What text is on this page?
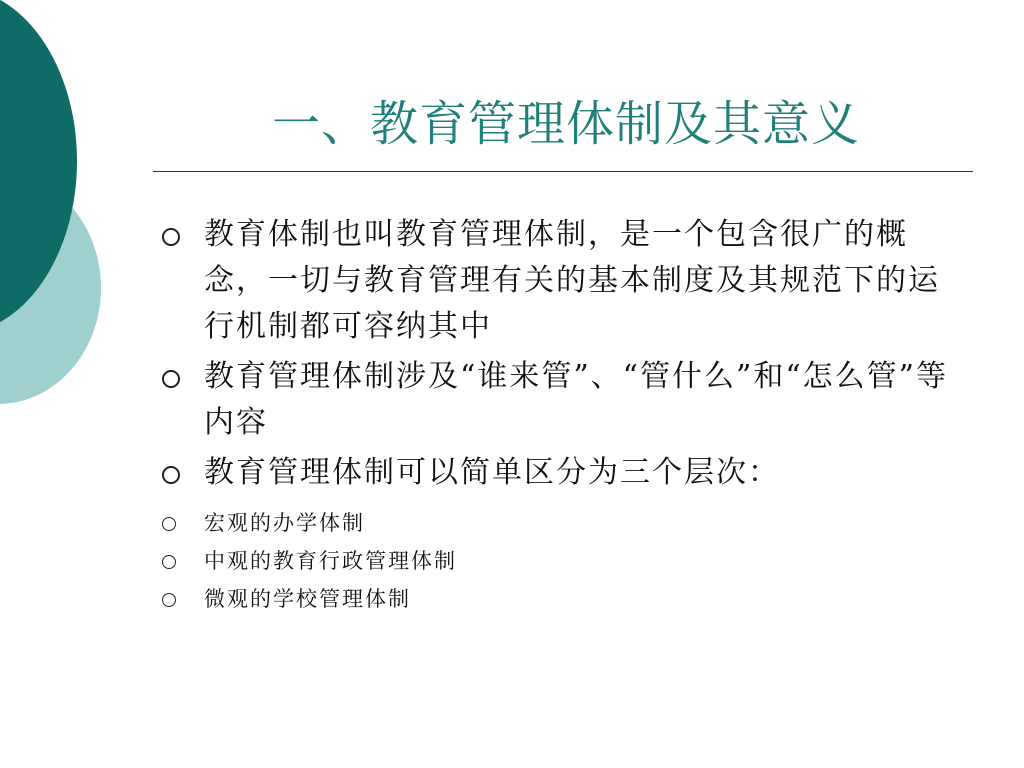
一、教育管理体制及其意义
教育体制也叫教育管理体制，是一个包含很广的概念，一切与教育管理有关的基本制度及其规范下的运行机制都可容纳其中
教育管理体制涉及“谁来管”、“管什么”和“怎么管”等内容
教育管理体制可以简单区分为三个层次：
宏观的办学体制
中观的教育行政管理体制
微观的学校管理体制
